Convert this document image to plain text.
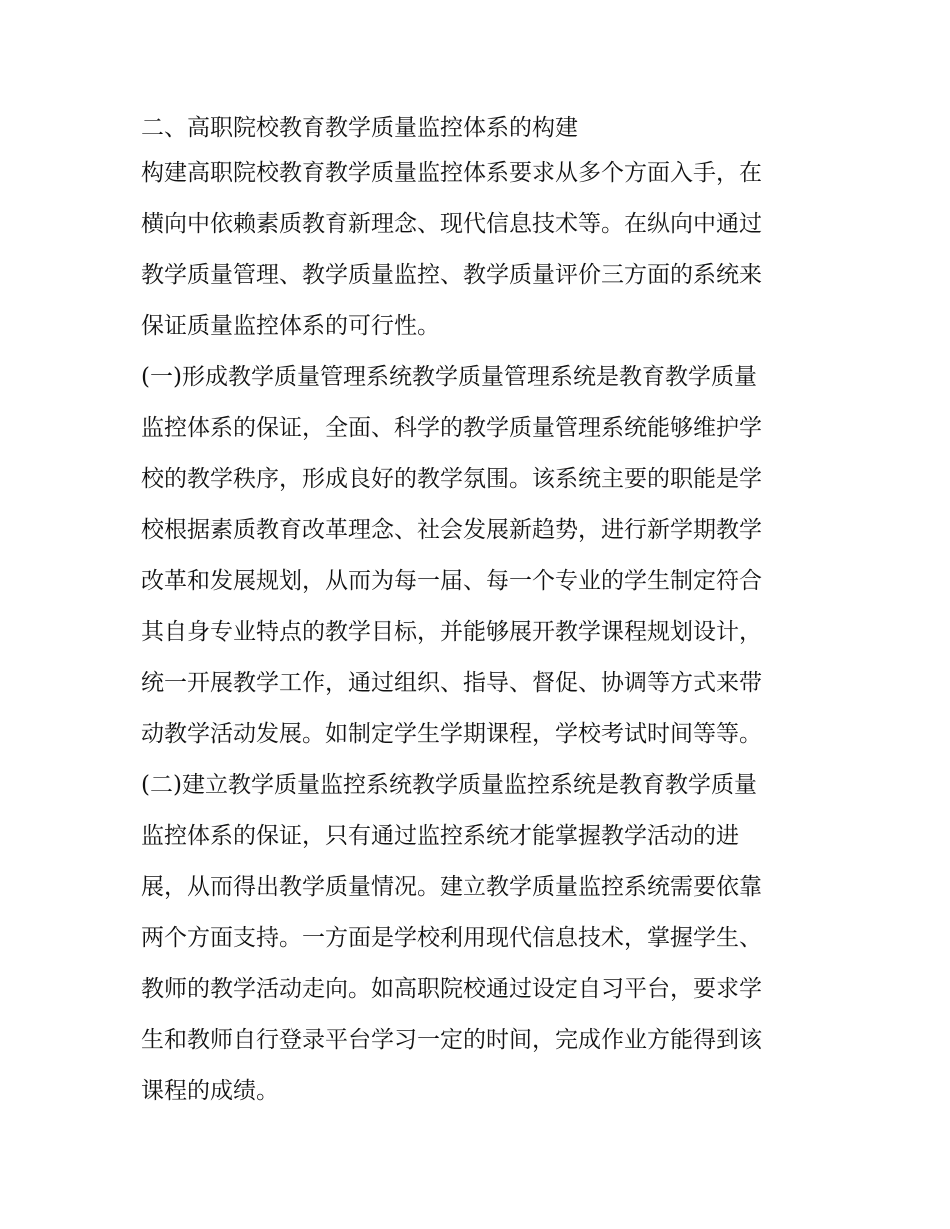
二、高职院校教育教学质量监控体系的构建
构建高职院校教育教学质量监控体系要求从多个方面入手，在
横向中依赖素质教育新理念、现代信息技术等。在纵向中通过
教学质量管理、教学质量监控、教学质量评价三方面的系统来
保证质量监控体系的可行性。
(一)形成教学质量管理系统教学质量管理系统是教育教学质量
监控体系的保证，全面、科学的教学质量管理系统能够维护学
校的教学秩序，形成良好的教学氛围。该系统主要的职能是学
校根据素质教育改革理念、社会发展新趋势，进行新学期教学
改革和发展规划，从而为每一届、每一个专业的学生制定符合
其自身专业特点的教学目标，并能够展开教学课程规划设计，
统一开展教学工作，通过组织、指导、督促、协调等方式来带
动教学活动发展。如制定学生学期课程，学校考试时间等等。
(二)建立教学质量监控系统教学质量监控系统是教育教学质量
监控体系的保证，只有通过监控系统才能掌握教学活动的进
展，从而得出教学质量情况。建立教学质量监控系统需要依靠
两个方面支持。一方面是学校利用现代信息技术，掌握学生、
教师的教学活动走向。如高职院校通过设定自习平台，要求学
生和教师自行登录平台学习一定的时间，完成作业方能得到该
课程的成绩。
